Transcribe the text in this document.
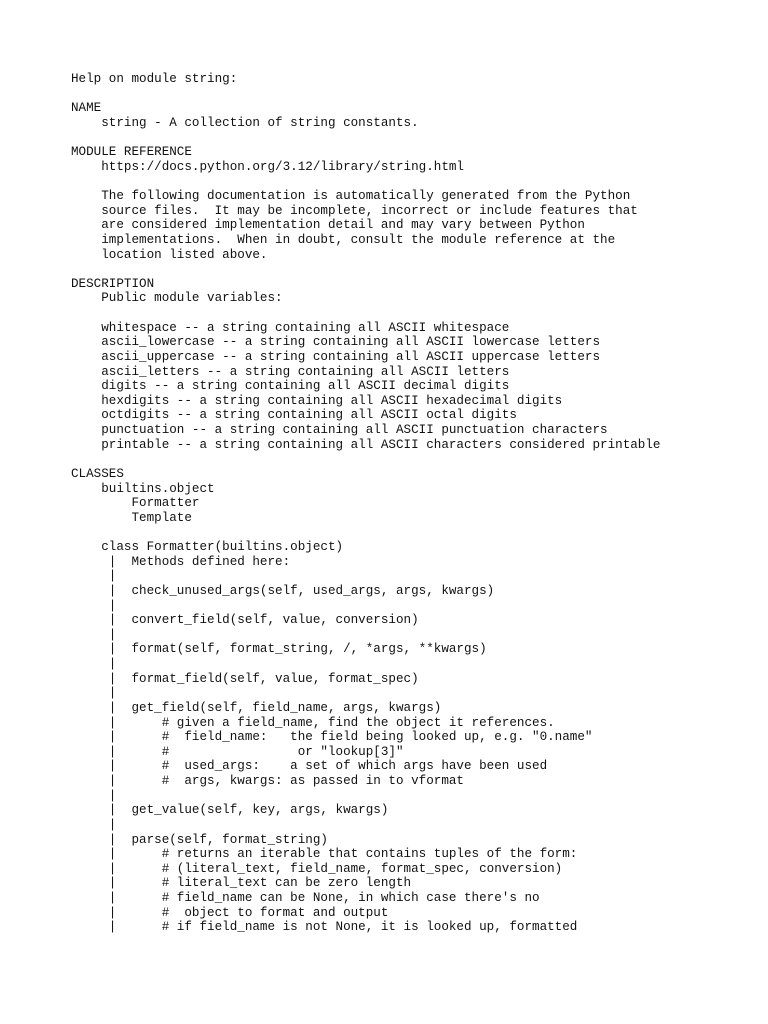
Help on module string:
NAME
string - A collection of string constants.
MODULE REFERENCE
https://docs.python.org/3.12/library/string.html
The following documentation is automatically generated from the Python
source files.  It may be incomplete, incorrect or include features that
are considered implementation detail and may vary between Python
implementations.  When in doubt, consult the module reference at the
location listed above.
DESCRIPTION
Public module variables:
whitespace -- a string containing all ASCII whitespace
ascii_lowercase -- a string containing all ASCII lowercase letters
ascii_uppercase -- a string containing all ASCII uppercase letters
ascii_letters -- a string containing all ASCII letters
digits -- a string containing all ASCII decimal digits
hexdigits -- a string containing all ASCII hexadecimal digits
octdigits -- a string containing all ASCII octal digits
punctuation -- a string containing all ASCII punctuation characters
printable -- a string containing all ASCII characters considered printable
CLASSES
builtins.object
Formatter
Template
class Formatter(builtins.object)
|  Methods defined here:
|
|  check_unused_args(self, used_args, args, kwargs)
|
|  convert_field(self, value, conversion)
|
|  format(self, format_string, /, *args, **kwargs)
|
|  format_field(self, value, format_spec)
|
|  get_field(self, field_name, args, kwargs)
|      # given a field_name, find the object it references.
|      #  field_name:   the field being looked up, e.g. "0.name"
|      #                 or "lookup[3]"
|      #  used_args:    a set of which args have been used
|      #  args, kwargs: as passed in to vformat
|
|  get_value(self, key, args, kwargs)
|
|  parse(self, format_string)
|      # returns an iterable that contains tuples of the form:
|      # (literal_text, field_name, format_spec, conversion)
|      # literal_text can be zero length
|      # field_name can be None, in which case there's no
|      #  object to format and output
|      # if field_name is not None, it is looked up, formatted
